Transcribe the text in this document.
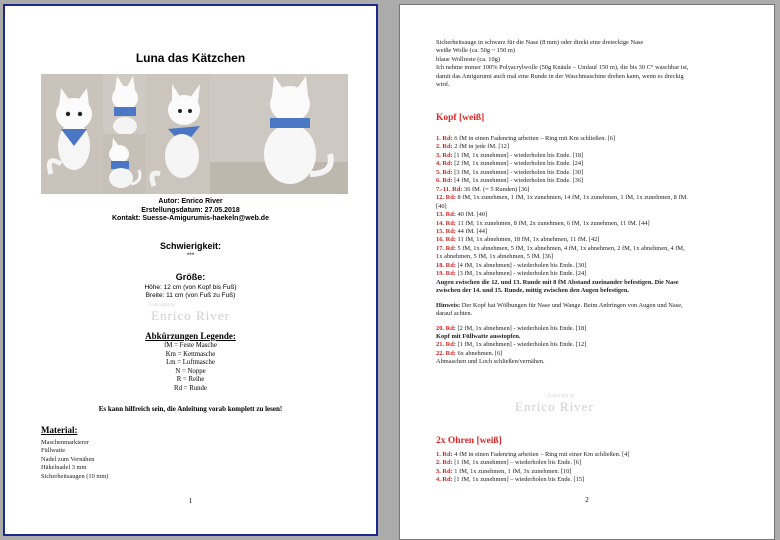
Luna das Kätzchen
Autor: Enrico River
Erstellungsdatum: 27.05.2018
Kontakt: Suesse-Amigurumis-haekeln@web.de
Schwierigkeit:
***
Größe:
Höhe: 12 cm (von Kopf bis Fuß)
Breite: 11 cm (von Fuß zu Fuß)
Copyright by
Enrico River
Abkürzungen Legende:
fM = Feste Masche
Km = Kettmasche
Lm = Luftmasche
N = Noppe
R = Reihe
Rd = Runde
Es kann hilfreich sein, die Anleitung vorab komplett zu lesen!
Material:
Maschenmarkierer
Füllwatte
Nadel zum Vernähen
Häkelnadel 3 mm
Sicherheitsaugen (10 mm)
1
Sicherheitsauge in schwarz für die Nase (8 mm) oder direkt eine dreieckige Nase
weiße Wolle (ca. 50g ~ 150 m)
blaue Wollreste (ca. 10g)
Ich nehme immer 100% Polyacrylwolle (50g Knäule – Umlauf 150 m), die bis 30 C° waschbar ist,
damit das Amigurumi auch mal eine Runde in der Waschmaschine drehen kann, wenn es dreckig
wird.
Kopf [weiß]
1. Rd: 6 fM in einen Fadenring arbeiten – Ring mit Km schließen. [6]
2. Rd: 2 fM in jede fM. [12]
3. Rd: [1 fM, 1x zunehmen] - wiederholen bis Ende. [18]
4. Rd: [2 fM, 1x zunehmen] - wiederholen bis Ende. [24]
5. Rd: [3 fM, 1x zunehmen] - wiederholen bis Ende. [30]
6. Rd: [4 fM, 1x zunehmen] - wiederholen bis Ende. [36]
7.-11. Rd: 36 fM. (= 5 Runden) [36]
12. Rd: 8 fM, 1x zunehmen, 1 fM, 1x zunehmen, 14 fM, 1x zunehmen, 1 fM, 1x zunehmen, 8 fM.
[40]
13. Rd: 40 fM. [40]
14. Rd: 11 fM, 1x zunehmen, 8 fM, 2x zunehmen, 6 fM, 1x zunehmen, 11 fM. [44]
15. Rd: 44 fM. [44]
16. Rd: 11 fM, 1x abnehmen, 18 fM, 1x abnehmen, 11 fM. [42]
17. Rd: 5 fM, 1x abnehmen, 5 fM, 1x abnehmen, 4 fM, 1x abnehmen, 2 fM, 1x abnehmen, 4 fM,
1x abnehmen, 5 fM, 1x abnehmen, 5 fM. [36]
18. Rd: [4 fM, 1x abnehmen] - wiederholen bis Ende. [30]
19. Rd: [3 fM, 1x abnehmen] - wiederholen bis Ende. [24]
Augen zwischen die 12. und 13. Runde mit 8 fM Abstand zueinander befestigen. Die Nase
zwischen der 14. und 15. Runde, mittig zwischen den Augen befestigen.
Hinweis: Der Kopf hat Wölbungen für Nase und Wange. Beim Anbringen von Augen und Nase,
darauf achten.
20. Rd: [2 fM, 1x abnehmen] - wiederholen bis Ende. [18]
Kopf mit Füllwatte ausstopfen.
21. Rd: [1 fM, 1x abnehmen] - wiederholen bis Ende. [12]
22. Rd: 6x abnehmen. [6]
Abmaschen und Loch schließen/vernähen.
Copyright by
Enrico River
2x Ohren [weiß]
1. Rd: 4 fM in einen Fadenring arbeiten – Ring mit einer Km schließen. [4]
2. Rd: [1 fM, 1x zunehmen] – wiederholen bis Ende. [6]
3. Rd: 1 fM, 1x zunehmen, 1 fM, 3x zunehmen. [10]
4. Rd: [1 fM, 1x zunehmen] – wiederholen bis Ende. [15]
2
